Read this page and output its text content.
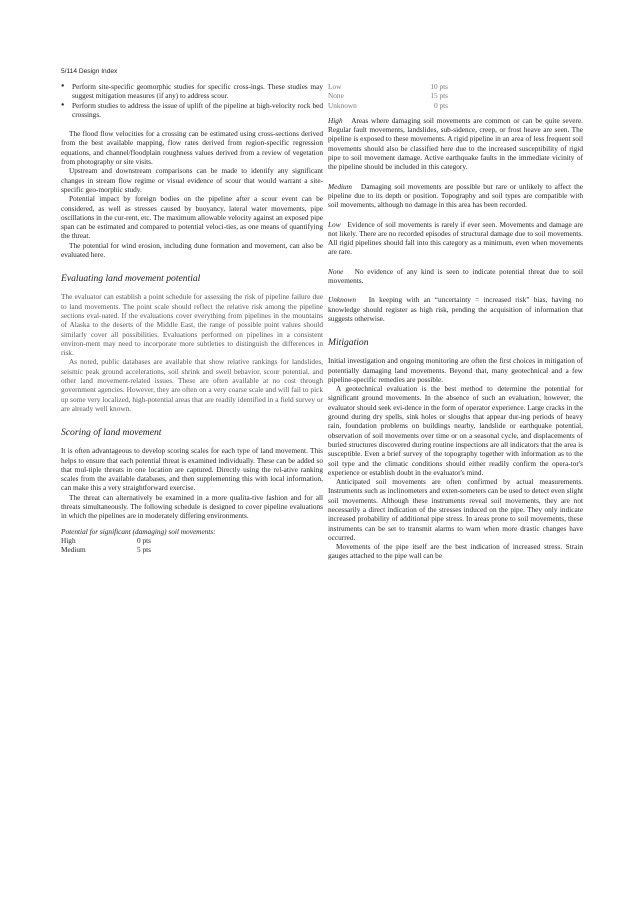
5/114 Design Index
● Perform site-specific geomorphic studies for specific cross-ings. These studies may suggest mitigation measures (if any) to address scour.
● Perform studies to address the issue of uplift of the pipeline at high-velocity rock bed crossings.

The flood flow velocities for a crossing can be estimated using cross-sections derived from the best available mapping, flow rates derived from region-specific regression equations, and channel/floodplain roughness values derived from a review of vegetation from photography or site visits.

Upstream and downstream comparisons can be made to identify any significant changes in stream flow regime or visual evidence of scour that would warrant a site-specific geo-morphic study.

Potential impact by foreign bodies on the pipeline after a scour event can be considered, as well as stresses caused by buoyancy, lateral water movements, pipe oscillations in the cur-rent, etc. The maximum allowable velocity against an exposed pipe span can be estimated and compared to potential veloci-ties, as one means of quantifying the threat.

The potential for wind erosion, including dune formation and movement, can also be evaluated here.

Evaluating land movement potential

The evaluator can establish a point schedule for assessing the risk of pipeline failure due to land movements. The point scale should reflect the relative risk among the pipeline sections eval-uated. If the evaluations cover everything from pipelines in the mountains of Alaska to the deserts of the Middle East, the range of possible point values should similarly cover all possibilities. Evaluations performed on pipelines in a consistent environ-ment may need to incorporate more subtleties to distinguish the differences in risk.

As noted, public databases are available that show relative rankings for landslides, seismic peak ground accelerations, soil shrink and swell behavior, scour potential, and other land movement-related issues. These are often available at no cost through government agencies. However, they are often on a very coarse scale and will fail to pick up some very localized, high-potential areas that are readily identified in a field survey or are already well known.

Scoring of land movement

It is often advantageous to develop scoring scales for each type of land movement. This helps to ensure that each potential threat is examined individually. These can be added so that mul-tiple threats in one location are captured. Directly using the rel-ative ranking scales from the available databases, and then supplementing this with local information, can make this a very straightforward exercise.

The threat can alternatively be examined in a more qualita-tive fashion and for all threats simultaneously. The following schedule is designed to cover pipeline evaluations in which the pipelines are in moderately differing environments.

Potential for significant (damaging) soil movements:

High	0 pts
Medium	5 pts
Low	10 pts
None	15 pts
Unknown	0 pts

High Areas where damaging soil movements are common or can be quite severe. Regular fault movements, landslides, sub-sidence, creep, or frost heave are seen. The pipeline is exposed to these movements. A rigid pipeline in an area of less frequent soil movements should also be classified here due to the increased susceptibility of rigid pipe to soil movement damage. Active earthquake faults in the immediate vicinity of the pipeline should be included in this category.

Medium Damaging soil movements are possible but rare or unlikely to affect the pipeline due to its depth or position. Topography and soil types are compatible with soil movements, although no damage in this area has been recorded.

Low Evidence of soil movements is rarely if ever seen. Movements and damage are not likely. There are no recorded episodes of structural damage due to soil movements. All rigid pipelines should fall into this category as a minimum, even when movements are rare.

None No evidence of any kind is seen to indicate potential threat due to soil movements.

Unknown In keeping with an “uncertainty = increased risk” bias, having no knowledge should register as high risk, pending the acquisition of information that suggests otherwise.

Mitigation

Initial investigation and ongoing monitoring are often the first choices in mitigation of potentially damaging land movements. Beyond that, many geotechnical and a few pipeline-specific remedies are possible.

A geotechnical evaluation is the best method to determine the potential for significant ground movements. In the absence of such an evaluation, however, the evaluator should seek evi-dence in the form of operator experience. Large cracks in the ground during dry spells, sink holes or sloughs that appear dur-ing periods of heavy rain, foundation problems on buildings nearby, landslide or earthquake potential, observation of soil movements over time or on a seasonal cycle, and displacements of buried structures discovered during routine inspections are all indicators that the area is susceptible. Even a brief survey of the topography together with information as to the soil type and the climatic conditions should either readily confirm the opera-tor's experience or establish doubt in the evaluator's mind.

Anticipated soil movements are often confirmed by actual measurements. Instruments such as inclinometers and exten-someters can be used to detect even slight soil movements. Although these instruments reveal soil movements, they are not necessarily a direct indication of the stresses induced on the pipe. They only indicate increased probability of additional pipe stress. In areas prone to soil movements, these instruments can be set to transmit alarms to warn when more drastic changes have occurred.

Movements of the pipe itself are the best indication of increased stress. Strain gauges attached to the pipe wall can be
